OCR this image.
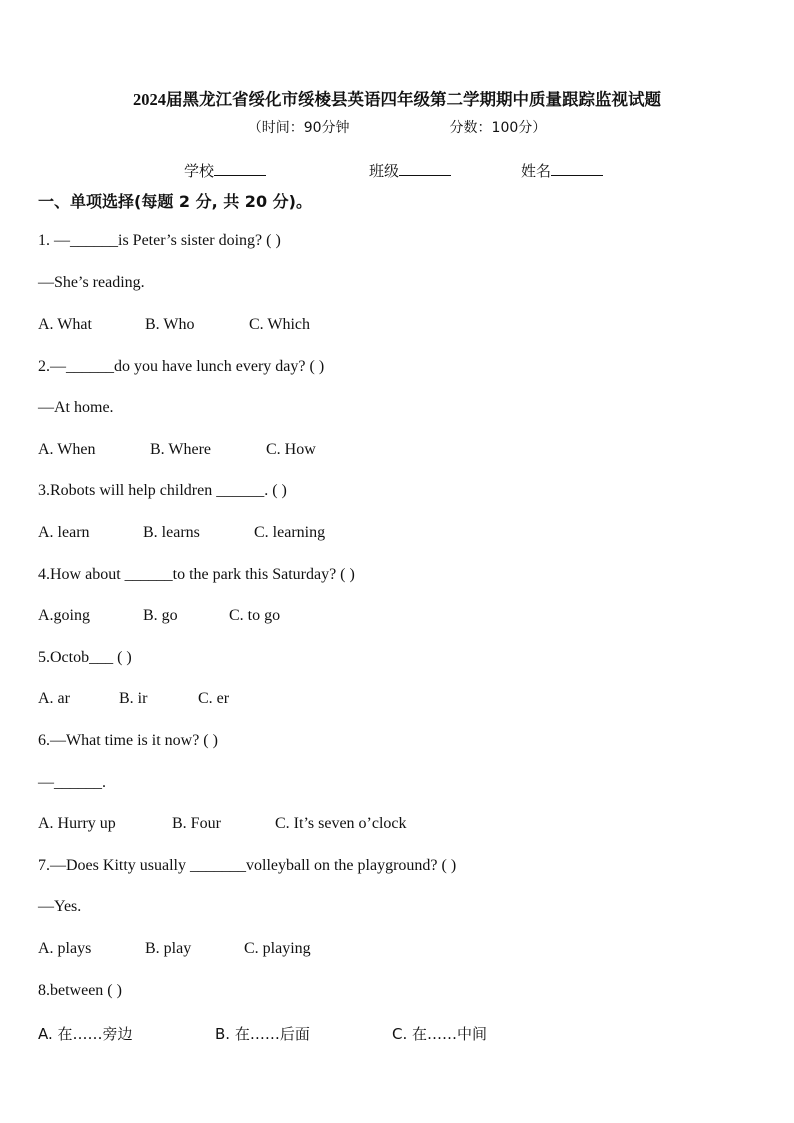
2024届黑龙江省绥化市绥棱县英语四年级第二学期期中质量跟踪监视试题
（时间：90分钟	分数：100分）
学校	班级	姓名
一、单项选择(每题 2 分, 共 20 分)。
1. —______is Peter’s sister doing? ( )
—She’s reading.
A. What	B. Who	C. Which
2.—______do you have lunch every day? ( )
—At home.
A. When	B. Where	C. How
3.Robots will help children ______. ( )
A. learn	B. learns	C. learning
4.How about ______to the park this Saturday? ( )
A.going	B. go	C. to go
5.Octob___ ( )
A. ar	B. ir	C. er
6.—What time is it now? ( )
—______.
A. Hurry up	B. Four	C. It’s seven o’clock
7.—Does Kitty usually _______volleyball on the playground? ( )
—Yes.
A. plays	B. play	C. playing
8.between ( )
A. 在……旁边	B. 在……后面	C. 在……中间
